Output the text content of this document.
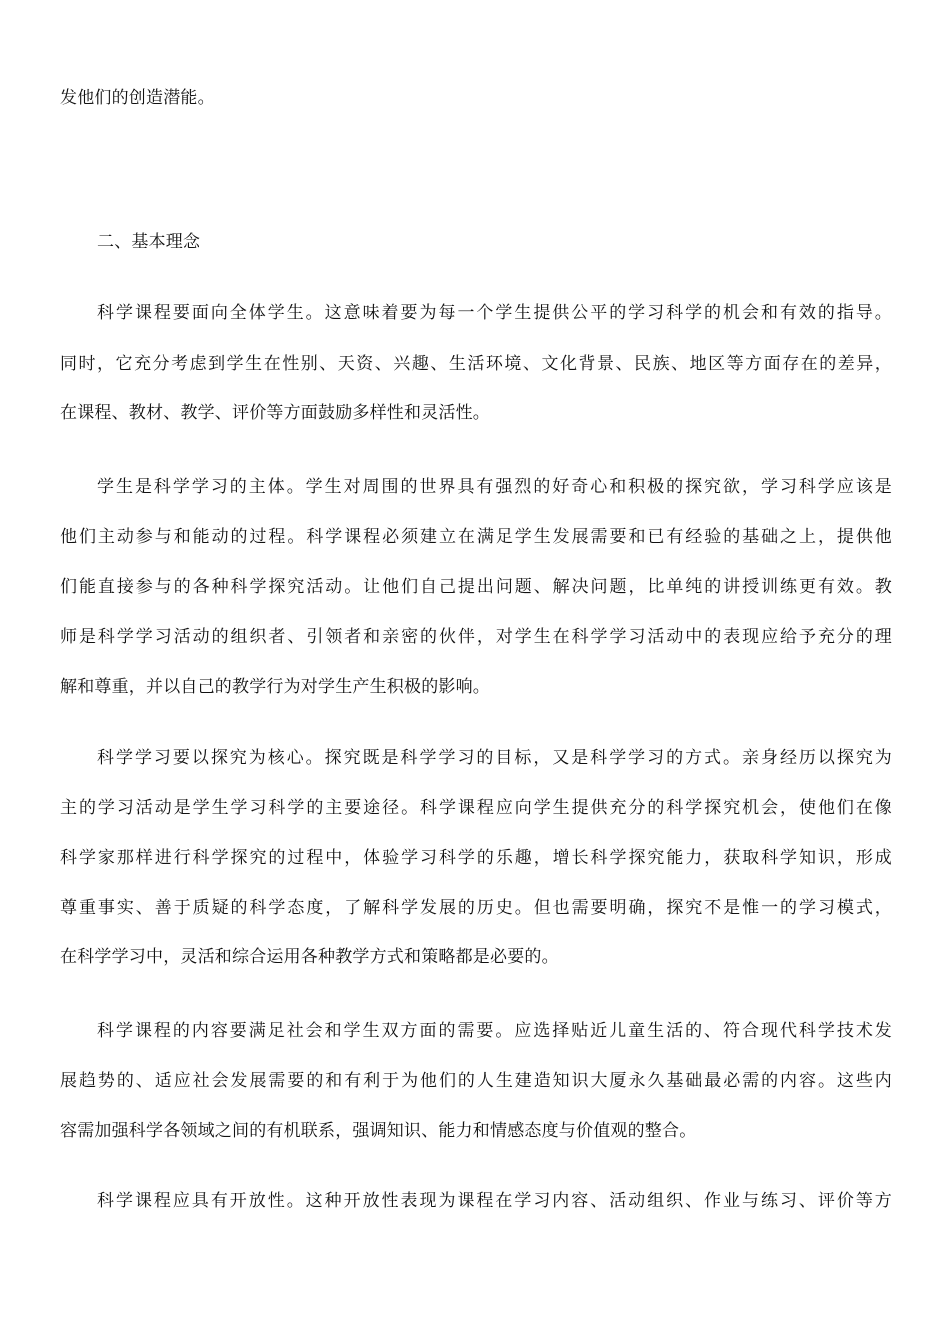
发他们的创造潜能。
二、基本理念
科学课程要面向全体学生。这意味着要为每一个学生提供公平的学习科学的机会和有效的指导。
同时，它充分考虑到学生在性别、天资、兴趣、生活环境、文化背景、民族、地区等方面存在的差异，
在课程、教材、教学、评价等方面鼓励多样性和灵活性。
学生是科学学习的主体。学生对周围的世界具有强烈的好奇心和积极的探究欲，学习科学应该是
他们主动参与和能动的过程。科学课程必须建立在满足学生发展需要和已有经验的基础之上，提供他
们能直接参与的各种科学探究活动。让他们自己提出问题、解决问题，比单纯的讲授训练更有效。教
师是科学学习活动的组织者、引领者和亲密的伙伴，对学生在科学学习活动中的表现应给予充分的理
解和尊重，并以自己的教学行为对学生产生积极的影响。
科学学习要以探究为核心。探究既是科学学习的目标，又是科学学习的方式。亲身经历以探究为
主的学习活动是学生学习科学的主要途径。科学课程应向学生提供充分的科学探究机会，使他们在像
科学家那样进行科学探究的过程中，体验学习科学的乐趣，增长科学探究能力，获取科学知识，形成
尊重事实、善于质疑的科学态度，了解科学发展的历史。但也需要明确，探究不是惟一的学习模式，
在科学学习中，灵活和综合运用各种教学方式和策略都是必要的。
科学课程的内容要满足社会和学生双方面的需要。应选择贴近儿童生活的、符合现代科学技术发
展趋势的、适应社会发展需要的和有利于为他们的人生建造知识大厦永久基础最必需的内容。这些内
容需加强科学各领域之间的有机联系，强调知识、能力和情感态度与价值观的整合。
科学课程应具有开放性。这种开放性表现为课程在学习内容、活动组织、作业与练习、评价等方
